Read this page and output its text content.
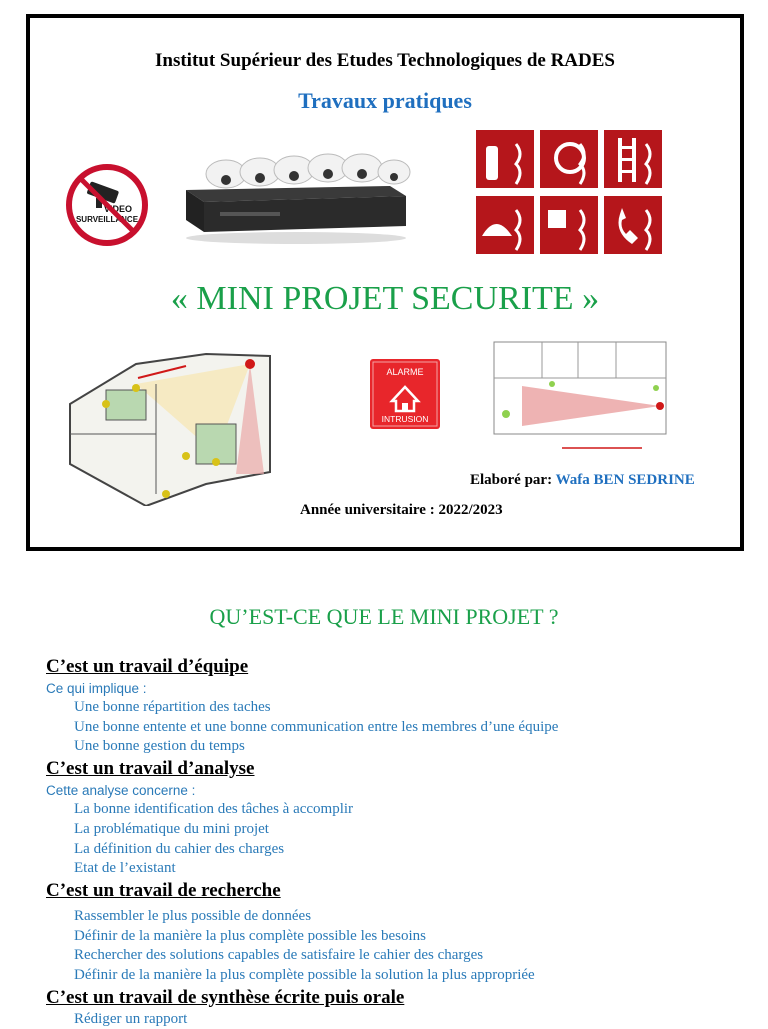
Institut Supérieur des Etudes Technologiques de RADES
Travaux pratiques
VIDEO
SURVEILLANCE
« MINI PROJET SECURITE »
ALARME
INTRUSION
Elaboré par: Wafa BEN SEDRINE
Année universitaire : 2022/2023
QU’EST-CE QUE LE MINI PROJET ?
C’est un travail d’équipe
Ce qui implique :
Une bonne répartition des taches
Une bonne entente et une bonne communication entre les membres d’une équipe
Une bonne gestion du temps
C’est un travail d’analyse
Cette analyse concerne :
La bonne identification des tâches à accomplir
La problématique du mini projet
La définition du cahier des charges
Etat de l’existant
C’est un travail de recherche
Rassembler le plus possible de données
Définir de la manière la plus complète possible les besoins
Rechercher des solutions capables de satisfaire le cahier des charges
Définir de la manière la plus complète possible la solution la plus appropriée
C’est un travail de synthèse écrite puis orale
Rédiger un rapport
